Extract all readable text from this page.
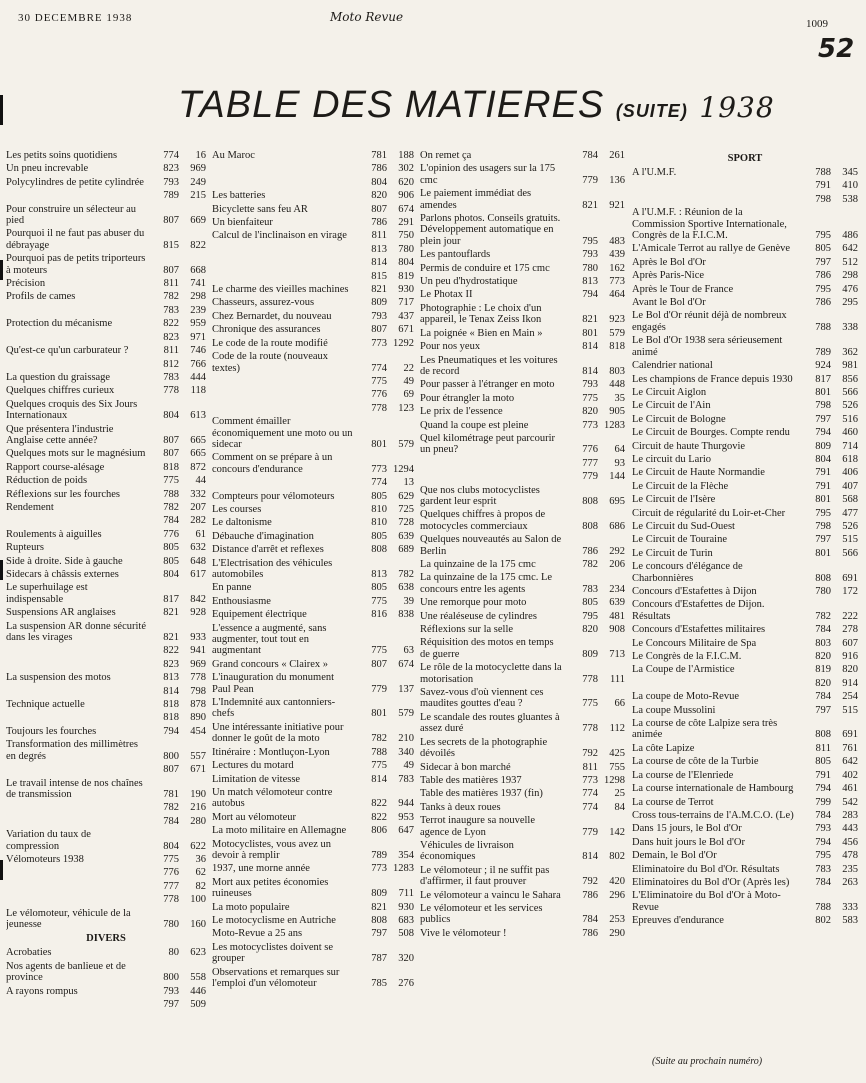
30 DECEMBRE 1938	Moto Revue	1009
52
TABLE DES MATIERES (SUITE) 1938
Les petits soins quotidiens	774	16
Un pneu increvable	823	969
Polycylindres de petite cylindrée	793	249

789	215
Pour construire un sélecteur au pied	807	669
Pourquoi il ne faut pas abuser du débrayage	815	822
Pourquoi pas de petits triporteurs à moteurs	807	668
Précision	811	741
Profils de cames	782	298

783	239
Protection du mécanisme	822	959

823	971
Qu'est-ce qu'un carburateur ?	811	746

812	766
La question du graissage	783	444
Quelques chiffres curieux	778	118
Quelques croquis des Six Jours Internationaux	804	613
Que présentera l'industrie Anglaise cette année?	807	665
Quelques mots sur le magnésium	807	665
Rapport course-alésage	818	872
Réduction de poids	775	44
Réflexions sur les fourches	788	332
Rendement	782	207

784	282
Roulements à aiguilles	776	61
Rupteurs	805	632
Side à droite. Side à gauche	805	648
Sidecars à châssis externes	804	617
Le superhuilage est indispensable	817	842
Suspensions AR anglaises	821	928
La suspension AR donne sécurité dans les virages	821	933

822	941

823	969
La suspension des motos	813	778

814	798
Technique actuelle	818	878

818	890
Toujours les fourches	794	454
Transformation des millimètres en degrés	800	557

807	671
Le travail intense de nos chaînes de transmission	781	190

782	216

784	280
Variation du taux de compression	804	622
Vélomoteurs 1938	775	36

776	62

777	82

778	100
Le vélomoteur, véhicule de la jeunesse	780	160
DIVERS
Acrobaties	80	623
Nos agents de banlieue et de province	800	558
A rayons rompus	793	446

797	509
Au Maroc	781	188

786	302

804	620
Les batteries	820	906
Bicyclette sans feu AR	807	674
Un bienfaiteur	786	291
Calcul de l'inclinaison en virage	811	750

813	780

814	804

815	819
Le charme des vieilles machines	821	930
Chasseurs, assurez-vous	809	717
Chez Bernardet, du nouveau	793	437
Chronique des assurances	807	671
Le code de la route modifié	773 1292
Code de la route (nouveaux textes)	774	22

775	49

776	69

778	123
Comment émailler économiquement une moto ou un sidecar	801	579
Comment on se prépare à un concours d'endurance	773 1294

774	13
Compteurs pour vélomoteurs	805	629
Les courses	810	725
Le daltonisme	810	728
Débauche d'imagination	805	639
Distance d'arrêt et reflexes	808	689
L'Electrisation des véhicules automobiles	813	782
En panne	805	638
Enthousiasme	775	39
Equipement électrique	816	838
L'essence a augmenté, sans augmenter, tout tout en augmentant	775	63
Grand concours « Clairex »	807	674
L'inauguration du monument Paul Pean	779	137
L'Indemnité aux cantonniers-chefs	801	579
Une intéressante initiative pour donner le goût de la moto	782	210
Itinéraire : Montluçon-Lyon	788	340
Lectures du motard	775	49
Limitation de vitesse	814	783
Un match vélomoteur contre autobus	822	944
Mort au vélomoteur	822	953
La moto militaire en Allemagne	806	647
Motocyclistes, vous avez un devoir à remplir	789	354
1937, une morne année	773 1283
Mort aux petites économies ruineuses	809	711
La moto populaire	821	930
Le motocyclisme en Autriche	808	683
Moto-Revue a 25 ans	797	508
Les motocyclistes doivent se grouper	787	320
Observations et remarques sur l'emploi d'un vélomoteur	785	276
On remet ça	784	261
L'opinion des usagers sur la 175 cmc	779	136
Le paiement immédiat des amendes	821	921
Parlons photos. Conseils gratuits. Développement automatique en plein jour	795	483
Les pantouflards	793	439
Permis de conduire et 175 cmc	780	162
Un peu d'hydrostatique	813	773
Le Photax II	794	464
Photographie : Le choix d'un appareil, le Tenax Zeiss Ikon	821	923
La poignée « Bien en Main »	801	579
Pour nos yeux	814	818
Les Pneumatiques et les voitures de record	814	803
Pour passer à l'étranger en moto	793	448
Pour étrangler la moto	775	35
Le prix de l'essence	820	905
Quand la coupe est pleine	773 1283
Quel kilométrage peut parcourir un pneu?	776	64

777	93

779	144
Que nos clubs motocyclistes gardent leur esprit	808	695
Quelques chiffres à propos de motocycles commerciaux	808	686
Quelques nouveautés au Salon de Berlin	786	292
La quinzaine de la 175 cmc	782	206
La quinzaine de la 175 cmc. Le concours entre les agents	783	234
Une remorque pour moto	805	639
Une réaléseuse de cylindres	795	481
Réflexions sur la selle	820	908
Réquisition des motos en temps de guerre	809	713
Le rôle de la motocyclette dans la motorisation	778	111
Savez-vous d'où viennent ces maudites gouttes d'eau ?	775	66
Le scandale des routes gluantes à assez duré	778	112
Les secrets de la photographie dévoilés	792	425
Sidecar à bon marché	811	755
Table des matières 1937	773 1298
Table des matières 1937 (fin)	774	25
Tanks à deux roues	774	84
Terrot inaugure sa nouvelle agence de Lyon	779	142
Véhicules de livraison économiques	814	802
Le vélomoteur ; il ne suffit pas d'affirmer, il faut prouver	792	420
Le vélomoteur a vaincu le Sahara	786	296
Le vélomoteur et les services publics	784	253
Vive le vélomoteur !	786	290
SPORT
A l'U.M.F.	788	345

791	410

798	538
A l'U.M.F. : Réunion de la Commission Sportive Internationale, Congrès de la F.I.C.M.	795	486
L'Amicale Terrot au rallye de Genève	805	642
Après le Bol d'Or	797	512
Après Paris-Nice	786	298
Après le Tour de France	795	476
Avant le Bol d'Or	786	295
Le Bol d'Or réunit déjà de nombreux engagés	788	338
Le Bol d'Or 1938 sera sérieusement animé	789	362
Calendrier national	924	981
Les champions de France depuis 1930	817	856
Le Circuit Aiglon	801	566
Le Circuit de l'Ain	798	526
Le Circuit de Bologne	797	516
Le Circuit de Bourges. Compte rendu	794	460
Circuit de haute Thurgovie	809	714
Le circuit du Lario	804	618
Le Circuit de Haute Normandie	791	406
Le Circuit de la Flèche	791	407
Le Circuit de l'Isère	801	568
Circuit de régularité du Loir-et-Cher	795	477
Le Circuit du Sud-Ouest	798	526
Le Circuit de Touraine	797	515
Le Circuit de Turin	801	566
Le concours d'élégance de Charbonnières	808	691
Concours d'Estafettes à Dijon	780	172
Concours d'Estafettes de Dijon. Résultats	782	222
Concours d'Estafettes militaires	784	278
Le Concours Militaire de Spa	803	607
Le Congrès de la F.I.C.M.	820	916
La Coupe de l'Armistice	819	820

820	914
La coupe de Moto-Revue	784	254
La coupe Mussolini	797	515
La course de côte Lalpize sera très animée	808	691
La côte Lapize	811	761
La course de côte de la Turbie	805	642
La course de l'Elenriede	791	402
La course internationale de Hambourg	794	461
La course de Terrot	799	542
Cross tous-terrains de l'A.M.C.O. (Le)	784	283
Dans 15 jours, le Bol d'Or	793	443
Dans huit jours le Bol d'Or	794	456
Demain, le Bol d'Or	795	478
Eliminatoire du Bol d'Or. Résultats	783	235
Eliminatoires du Bol d'Or (Après les)	784	263
L'Eliminatoire du Bol d'Or à Moto-Revue	788	333
Epreuves d'endurance	802	583
(Suite au prochain numéro)
